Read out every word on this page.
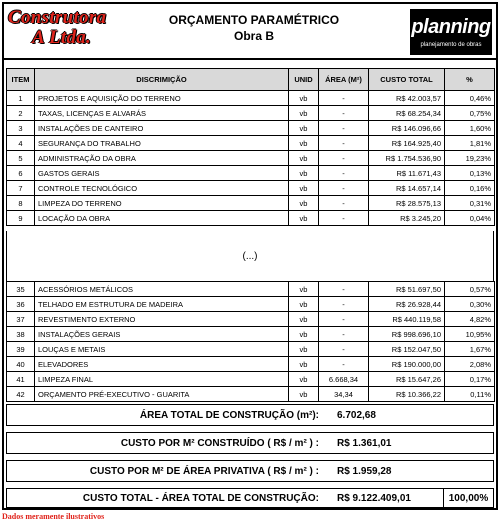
Construtora
A Ltda.
ORÇAMENTO PARAMÉTRICO
Obra B	planning
planejamento de obras
ITEM	DISCRIMIÇÃO	UNID	ÁREA (M²)	CUSTO TOTAL	%
1	PROJETOS E AQUISIÇÃO DO TERRENO	vb	-	R$ 42.003,57	0,46%
2	TAXAS, LICENÇAS E ALVARÁS	vb	-	R$ 68.254,34	0,75%
3	INSTALAÇÕES DE CANTEIRO	vb	-	R$ 146.096,66	1,60%
4	SEGURANÇA DO TRABALHO	vb	-	R$ 164.925,40	1,81%
5	ADMINISTRAÇÃO DA OBRA	vb	-	R$ 1.754.536,90	19,23%
6	GASTOS GERAIS	vb	-	R$ 11.671,43	0,13%
7	CONTROLE TECNOLÓGICO	vb	-	R$ 14.657,14	0,16%
8	LIMPEZA DO TERRENO	vb	-	R$ 28.575,13	0,31%
9	LOCAÇÃO DA OBRA	vb	-	R$ 3.245,20	0,04%
(...)
35	ACESSÓRIOS METÁLICOS	vb	-	R$ 51.697,50	0,57%
36	TELHADO EM ESTRUTURA DE MADEIRA	vb	-	R$ 26.928,44	0,30%
37	REVESTIMENTO EXTERNO	vb	-	R$ 440.119,58	4,82%
38	INSTALAÇÕES GERAIS	vb	-	R$ 998.696,10	10,95%
39	LOUÇAS E METAIS	vb	-	R$ 152.047,50	1,67%
40	ELEVADORES	vb	-	R$ 190.000,00	2,08%
41	LIMPEZA FINAL	vb	6.668,34	R$ 15.647,26	0,17%
42	ORÇAMENTO PRÉ-EXECUTIVO - GUARITA	vb	34,34	R$ 10.366,22	0,11%
ÁREA TOTAL DE CONSTRUÇÃO (m²): 6.702,68
CUSTO POR M² CONSTRUÍDO ( R$ / m² ) : R$ 1.361,01
CUSTO POR M² DE ÁREA PRIVATIVA ( R$ / m² ) : R$ 1.959,28
CUSTO TOTAL - ÁREA TOTAL DE CONSTRUÇÃO: R$ 9.122.409,01	100,00%
Dados meramente ilustrativos
